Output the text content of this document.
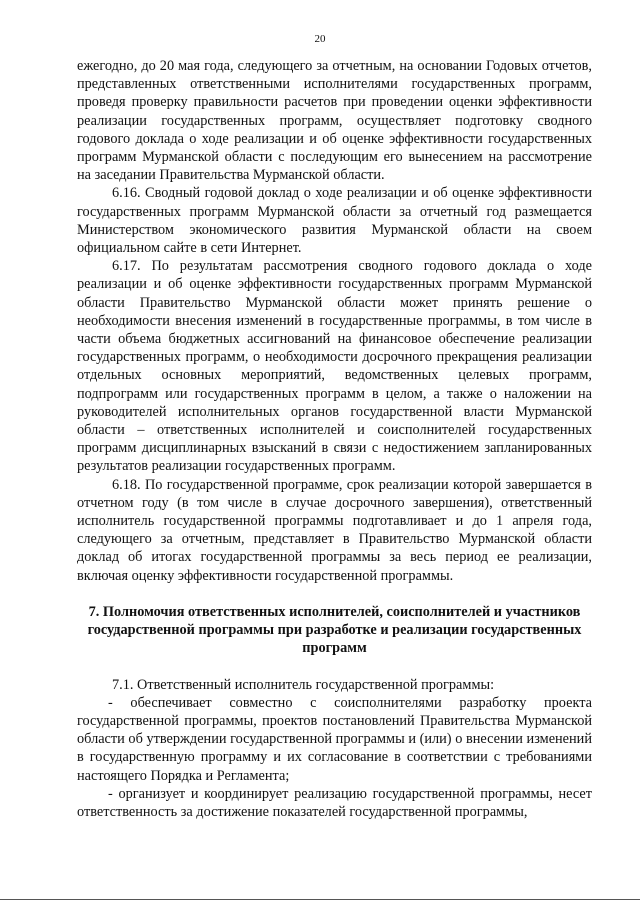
20

ежегодно, до 20 мая года, следующего за отчетным, на основании Годовых отчетов, представленных ответственными исполнителями государственных программ, проведя проверку правильности расчетов при проведении оценки эффективности реализации государственных программ, осуществляет подготовку сводного годового доклада о ходе реализации и об оценке эффективности государственных программ Мурманской области с последующим его вынесением на рассмотрение на заседании Правительства Мурманской области.

6.16. Сводный годовой доклад о ходе реализации и об оценке эффективности государственных программ Мурманской области за отчетный год размещается Министерством экономического развития Мурманской области на своем официальном сайте в сети Интернет.

6.17. По результатам рассмотрения сводного годового доклада о ходе реализации и об оценке эффективности государственных программ Мурманской области Правительство Мурманской области может принять решение о необходимости внесения изменений в государственные программы, в том числе в части объема бюджетных ассигнований на финансовое обеспечение реализации государственных программ, о необходимости досрочного прекращения реализации отдельных основных мероприятий, ведомственных целевых программ, подпрограмм или государственных программ в целом, а также о наложении на руководителей исполнительных органов государственной власти Мурманской области – ответственных исполнителей и соисполнителей государственных программ дисциплинарных взысканий в связи с недостижением запланированных результатов реализации государственных программ.

6.18. По государственной программе, срок реализации которой завершается в отчетном году (в том числе в случае досрочного завершения), ответственный исполнитель государственной программы подготавливает и до 1 апреля года, следующего за отчетным, представляет в Правительство Мурманской области доклад об итогах государственной программы за весь период ее реализации, включая оценку эффективности государственной программы.

7. Полномочия ответственных исполнителей, соисполнителей и участников государственной программы при разработке и реализации государственных программ

7.1. Ответственный исполнитель государственной программы:

- обеспечивает совместно с соисполнителями разработку проекта государственной программы, проектов постановлений Правительства Мурманской области об утверждении государственной программы и (или) о внесении изменений в государственную программу и их согласование в соответствии с требованиями настоящего Порядка и Регламента;

- организует и координирует реализацию государственной программы, несет ответственность за достижение показателей государственной программы,
